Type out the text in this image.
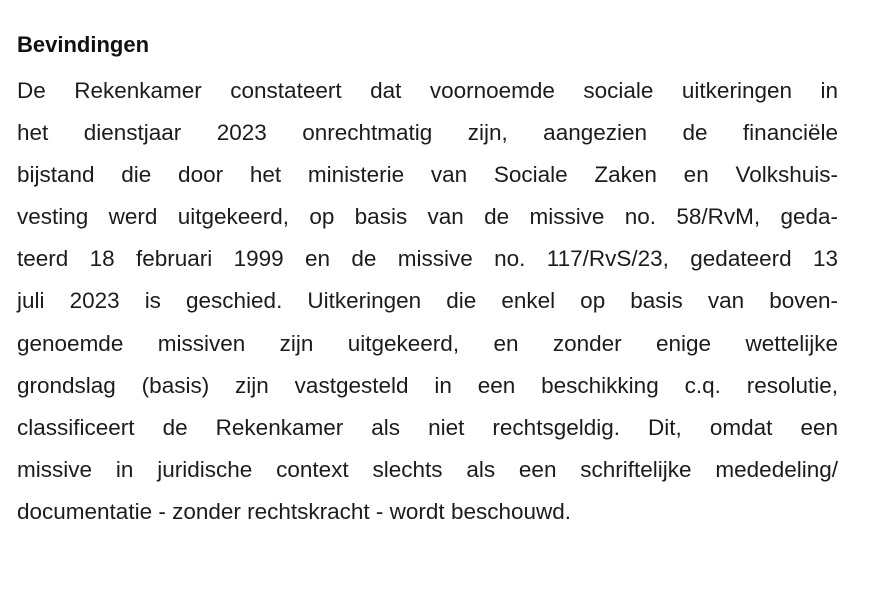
Bevindingen
De Rekenkamer constateert dat voornoemde sociale uitkeringen in
het dienstjaar 2023 onrechtmatig zijn, aangezien de financiële
bijstand die door het ministerie van Sociale Zaken en Volkshuis-
vesting werd uitgekeerd, op basis van de missive no. 58/RvM, geda-
teerd 18 februari 1999 en de missive no. 117/RvS/23, gedateerd 13
juli 2023 is geschied. Uitkeringen die enkel op basis van boven-
genoemde missiven zijn uitgekeerd, en zonder enige wettelijke
grondslag (basis) zijn vastgesteld in een beschikking c.q. resolutie,
classificeert de Rekenkamer als niet rechtsgeldig. Dit, omdat een
missive in juridische context slechts als een schriftelijke mededeling/
documentatie - zonder rechtskracht - wordt beschouwd.
